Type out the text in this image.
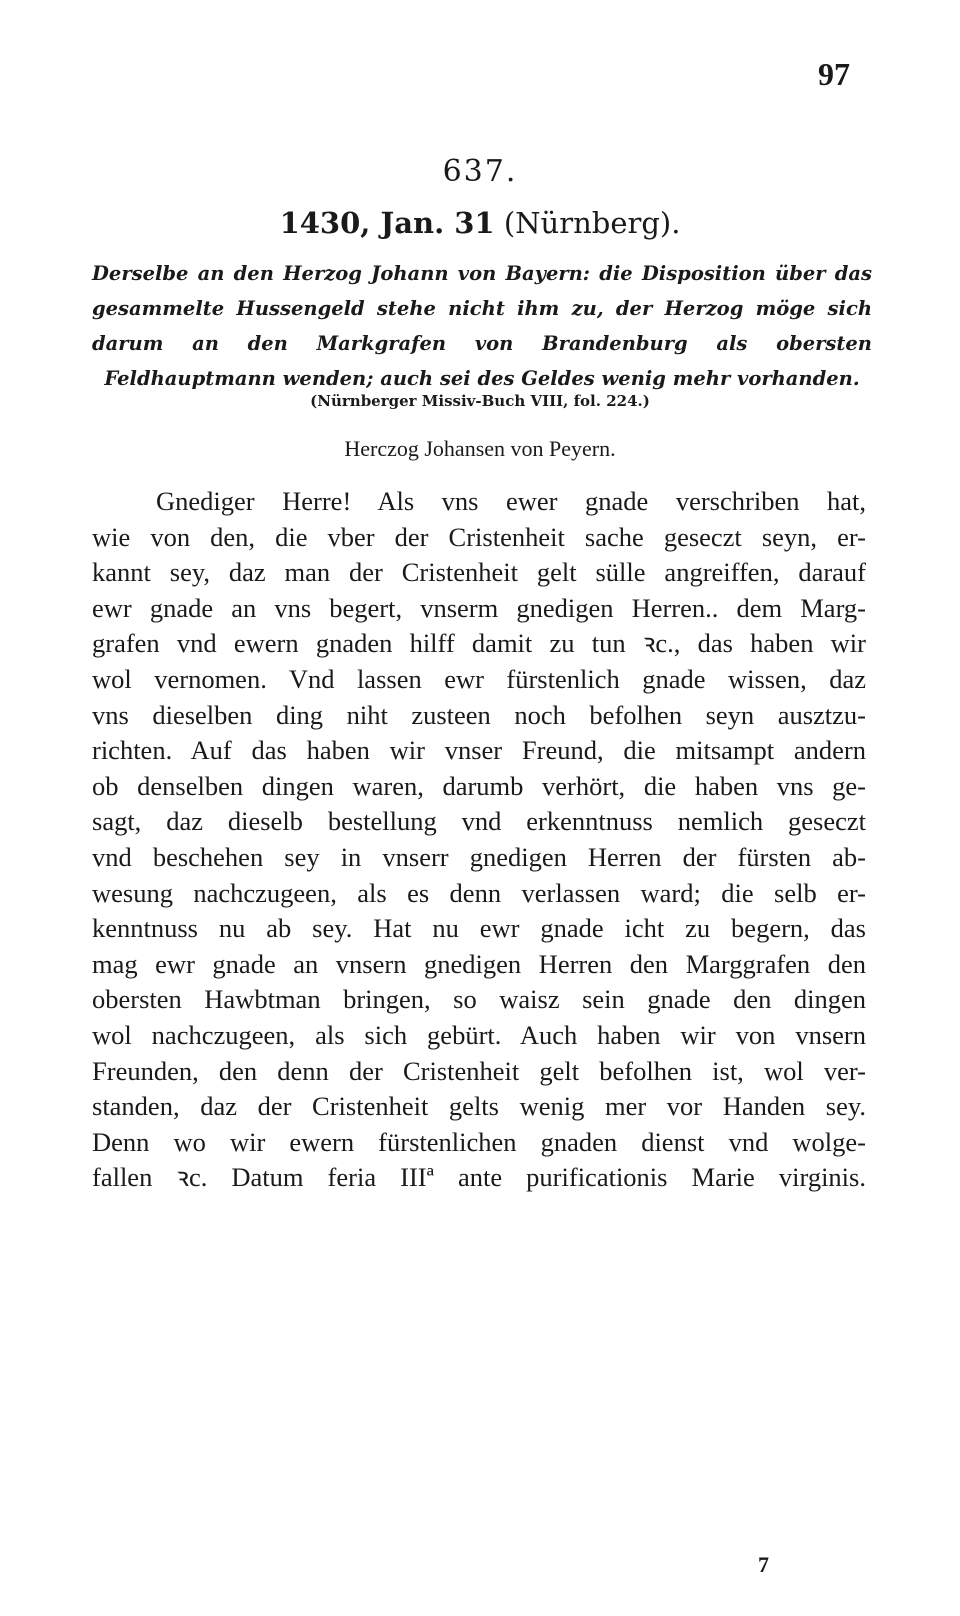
97
637.
1430, Jan. 31 (Nürnberg).
Derselbe an den Herzog Johann von Bayern: die Disposition über das gesammelte Hussengeld stehe nicht ihm zu, der Herzog möge sich darum an den Markgrafen von Brandenburg als obersten Feldhauptmann wenden; auch sei des Geldes wenig mehr vorhanden.
(Nürnberger Missiv-Buch VIII, fol. 224.)
Herczog Johansen von Peyern.
Gnediger Herre! Als vns ewer gnade verschriben hat,
wie von den, die vber der Cristenheit sache geseczt seyn, er-
kannt sey, daz man der Cristenheit gelt sülle angreiffen, darauf
ewr gnade an vns begert, vnserm gnedigen Herren.. dem Marg-
grafen vnd ewern gnaden hilff damit zu tun ꝛc., das haben wir
wol vernomen. Vnd lassen ewr fürstenlich gnade wissen, daz
vns dieselben ding niht zusteen noch befolhen seyn ausztzu-
richten. Auf das haben wir vnser Freund, die mitsampt andern
ob denselben dingen waren, darumb verhört, die haben vns ge-
sagt, daz dieselb bestellung vnd erkenntnuss nemlich geseczt
vnd beschehen sey in vnserr gnedigen Herren der fürsten ab-
wesung nachczugeen, als es denn verlassen ward; die selb er-
kenntnuss nu ab sey. Hat nu ewr gnade icht zu begern, das
mag ewr gnade an vnsern gnedigen Herren den Marggrafen den
obersten Hawbtman bringen, so waisz sein gnade den dingen
wol nachczugeen, als sich gebürt. Auch haben wir von vnsern
Freunden, den denn der Cristenheit gelt befolhen ist, wol ver-
standen, daz der Cristenheit gelts wenig mer vor Handen sey.
Denn wo wir ewern fürstenlichen gnaden dienst vnd wolge-
fallen ꝛc. Datum feria IIIª ante purificationis Marie virginis.
7
